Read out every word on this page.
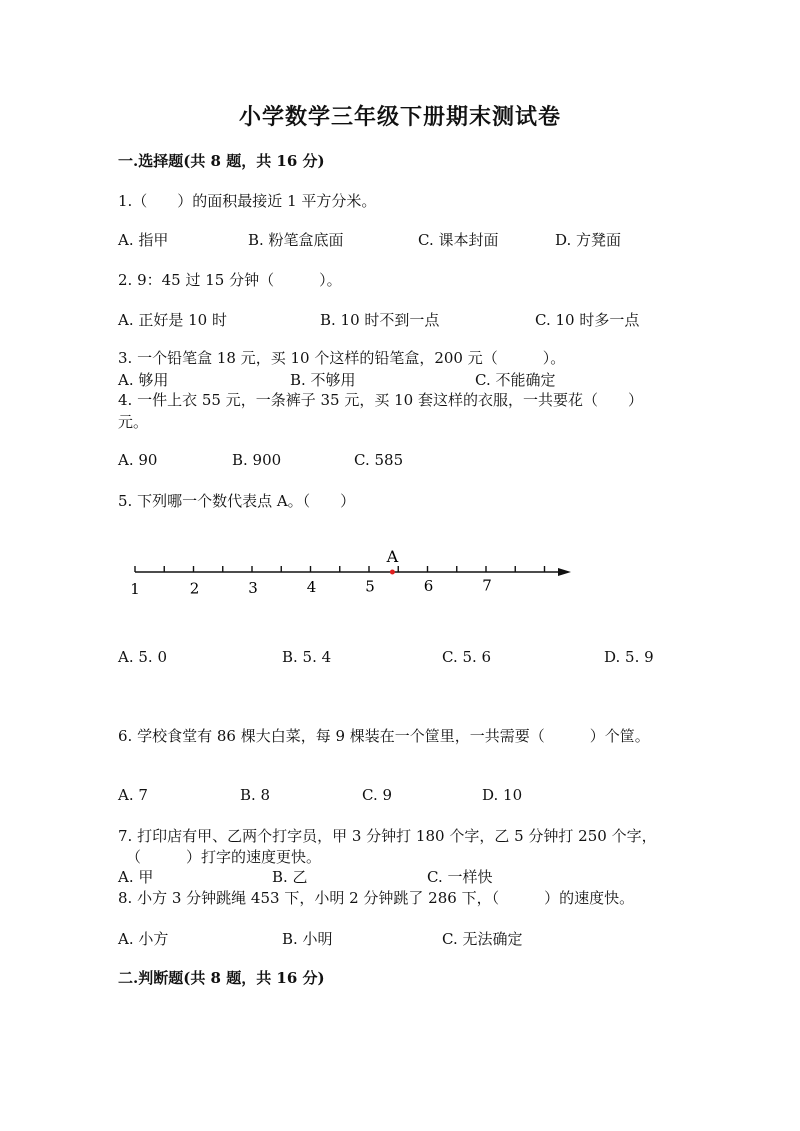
小学数学三年级下册期末测试卷
一.选择题(共 8 题，共 16 分)
1.（　　）的面积最接近 1 平方分米。
A. 指甲	B. 粉笔盒底面	C. 课本封面	D. 方凳面
2. 9：45 过 15 分钟（　　　）。
A. 正好是 10 时	B. 10 时不到一点	C. 10 时多一点
3. 一个铅笔盒 18 元，买 10 个这样的铅笔盒，200 元（　　　）。
A. 够用	B. 不够用	C. 不能确定
4. 一件上衣 55 元，一条裤子 35 元，买 10 套这样的衣服，一共要花（　　）
元。
A. 90	B. 900	C. 585
5. 下列哪一个数代表点 A。（　　）
1	2	3	4	5	6	7
A
A. 5. 0	B. 5. 4	C. 5. 6	D. 5. 9
6. 学校食堂有 86 棵大白菜，每 9 棵装在一个筐里，一共需要（　　　）个筐。
A. 7	B. 8	C. 9	D. 10
7. 打印店有甲、乙两个打字员，甲 3 分钟打 180 个字，乙 5 分钟打 250 个字，
（　　　）打字的速度更快。
A. 甲	B. 乙	C. 一样快
8. 小方 3 分钟跳绳 453 下，小明 2 分钟跳了 286 下，（　　　）的速度快。
A. 小方	B. 小明	C. 无法确定
二.判断题(共 8 题，共 16 分)
